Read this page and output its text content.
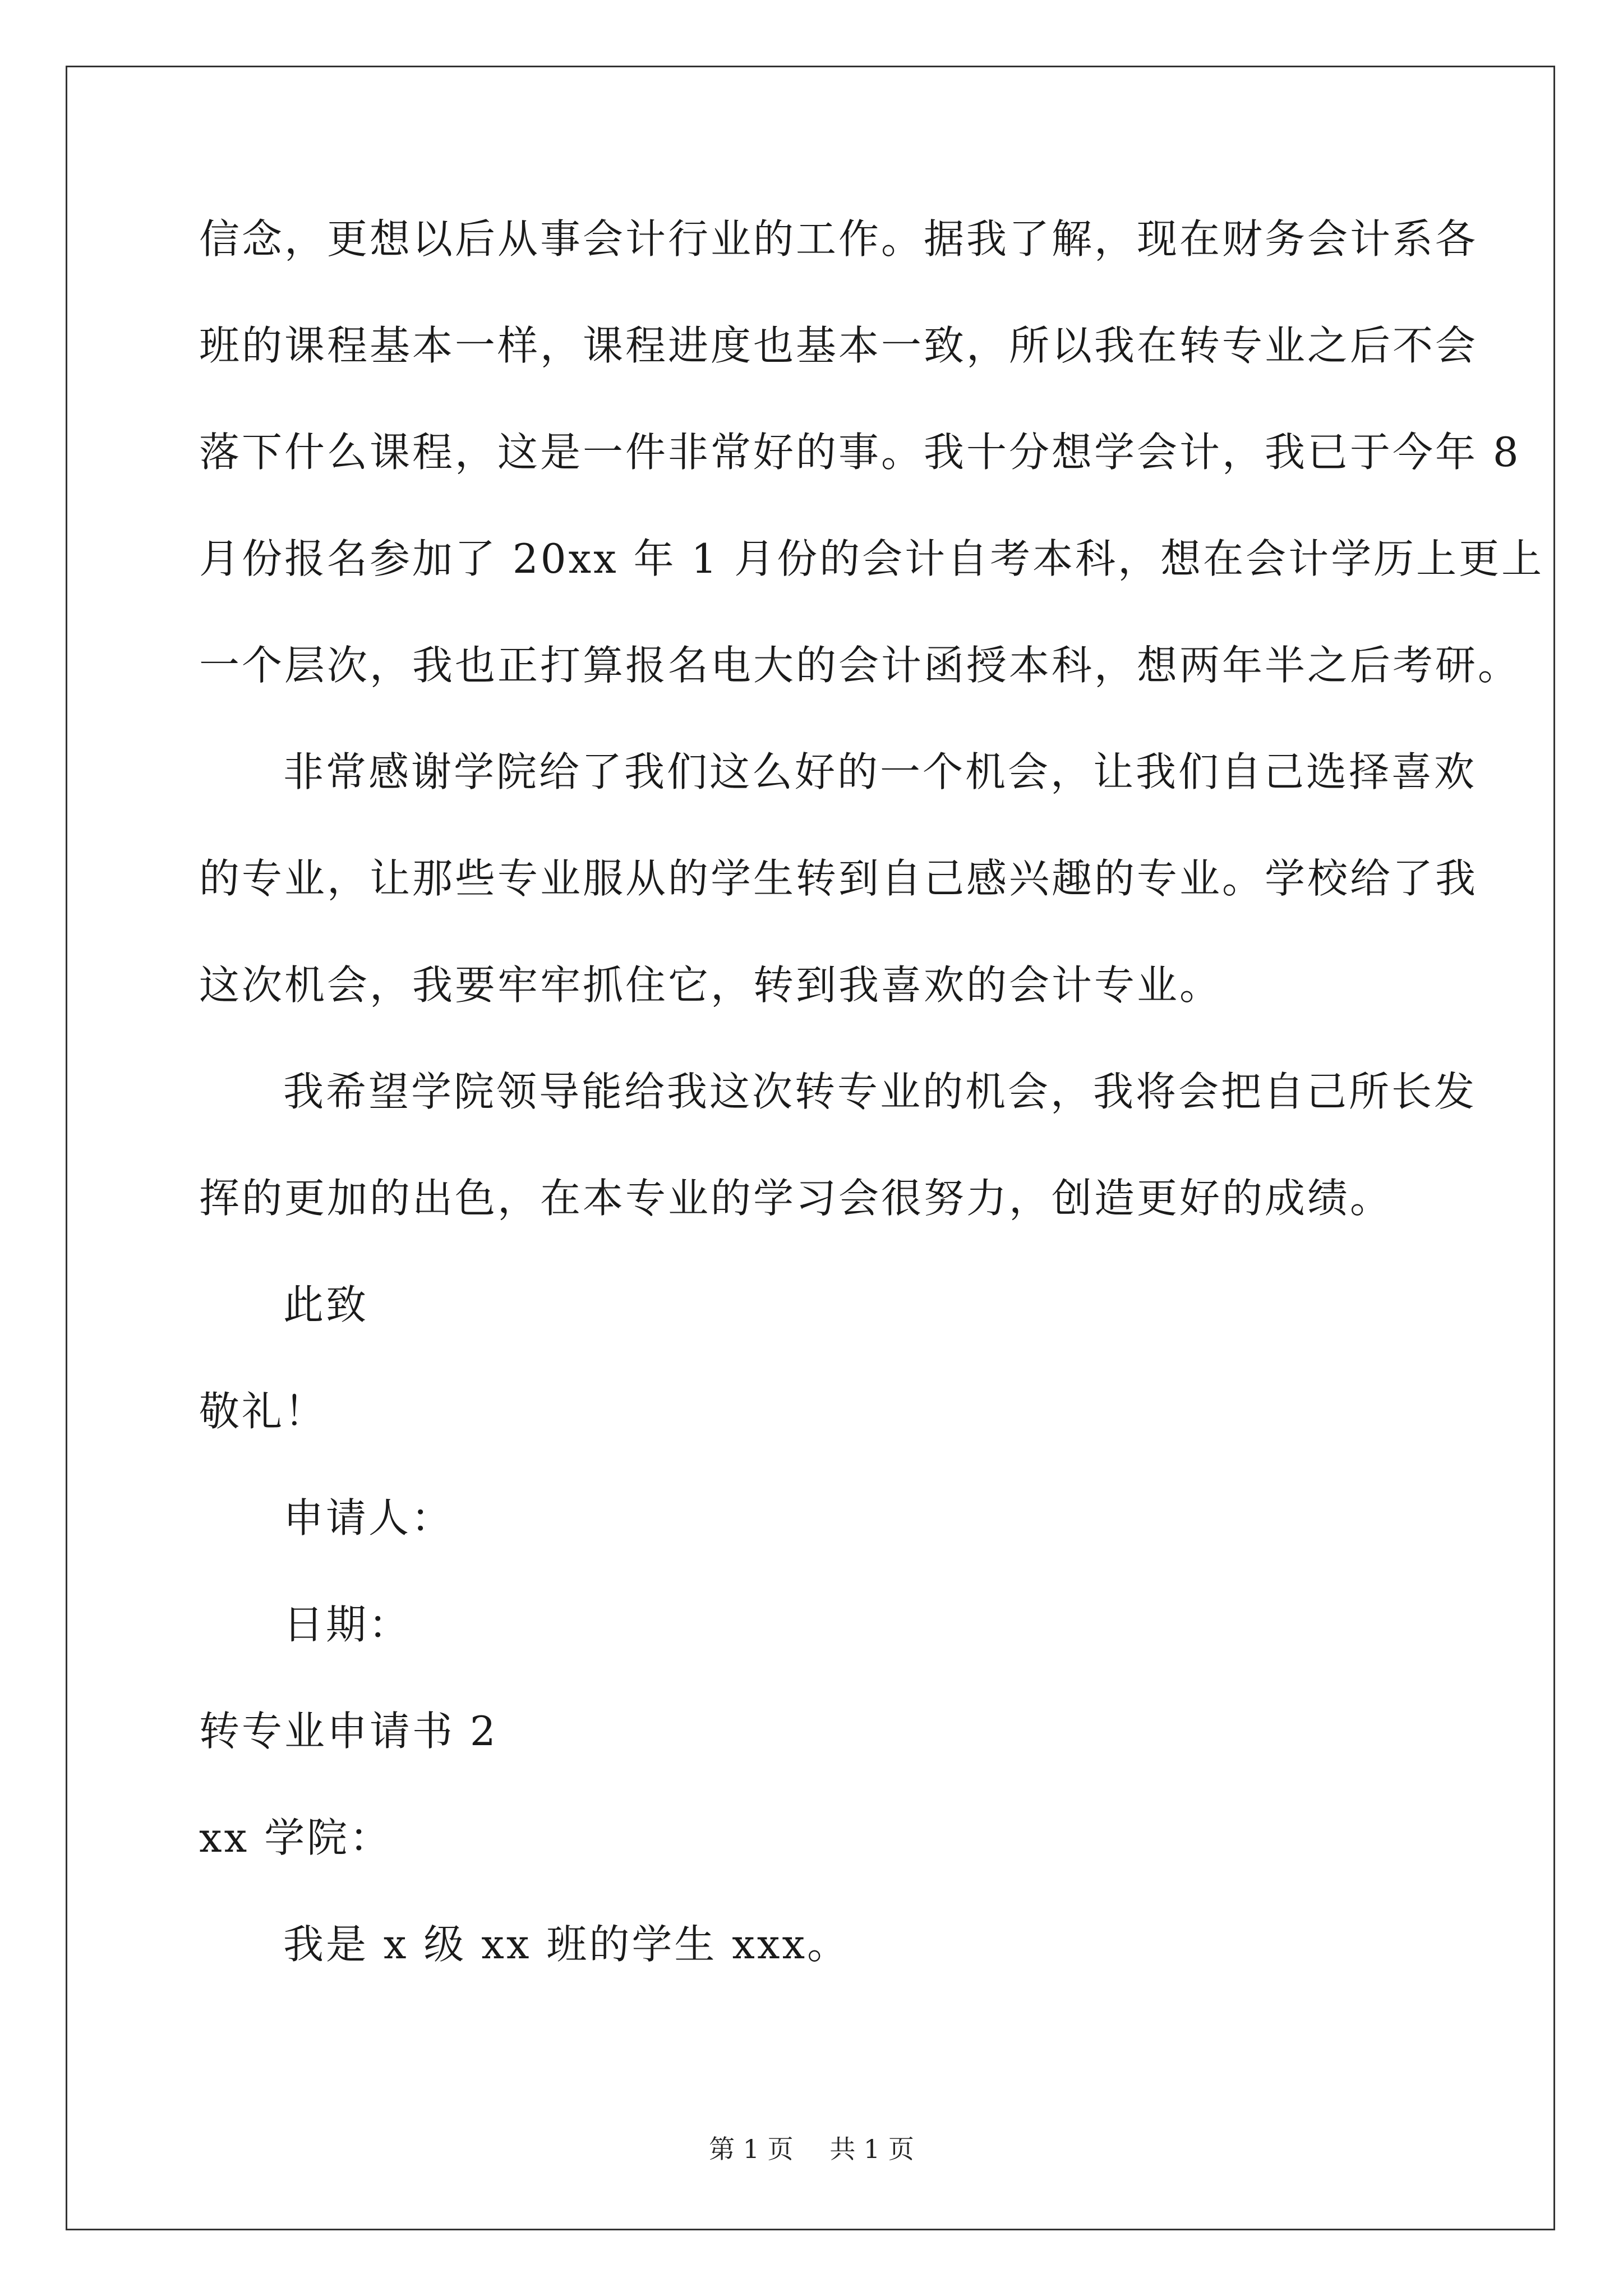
信念，更想以后从事会计行业的工作。据我了解，现在财务会计系各
班的课程基本一样，课程进度也基本一致，所以我在转专业之后不会
落下什么课程，这是一件非常好的事。我十分想学会计，我已于今年 8
月份报名参加了 20xx 年 1 月份的会计自考本科，想在会计学历上更上
一个层次，我也正打算报名电大的会计函授本科，想两年半之后考研。
非常感谢学院给了我们这么好的一个机会，让我们自己选择喜欢
的专业，让那些专业服从的学生转到自己感兴趣的专业。学校给了我
这次机会，我要牢牢抓住它，转到我喜欢的会计专业。
我希望学院领导能给我这次转专业的机会，我将会把自己所长发
挥的更加的出色，在本专业的学习会很努力，创造更好的成绩。
此致
敬礼！
申请人：
日期：
转专业申请书 2
xx 学院：
我是 x 级 xx 班的学生 xxx。
第 1 页 共 1 页
